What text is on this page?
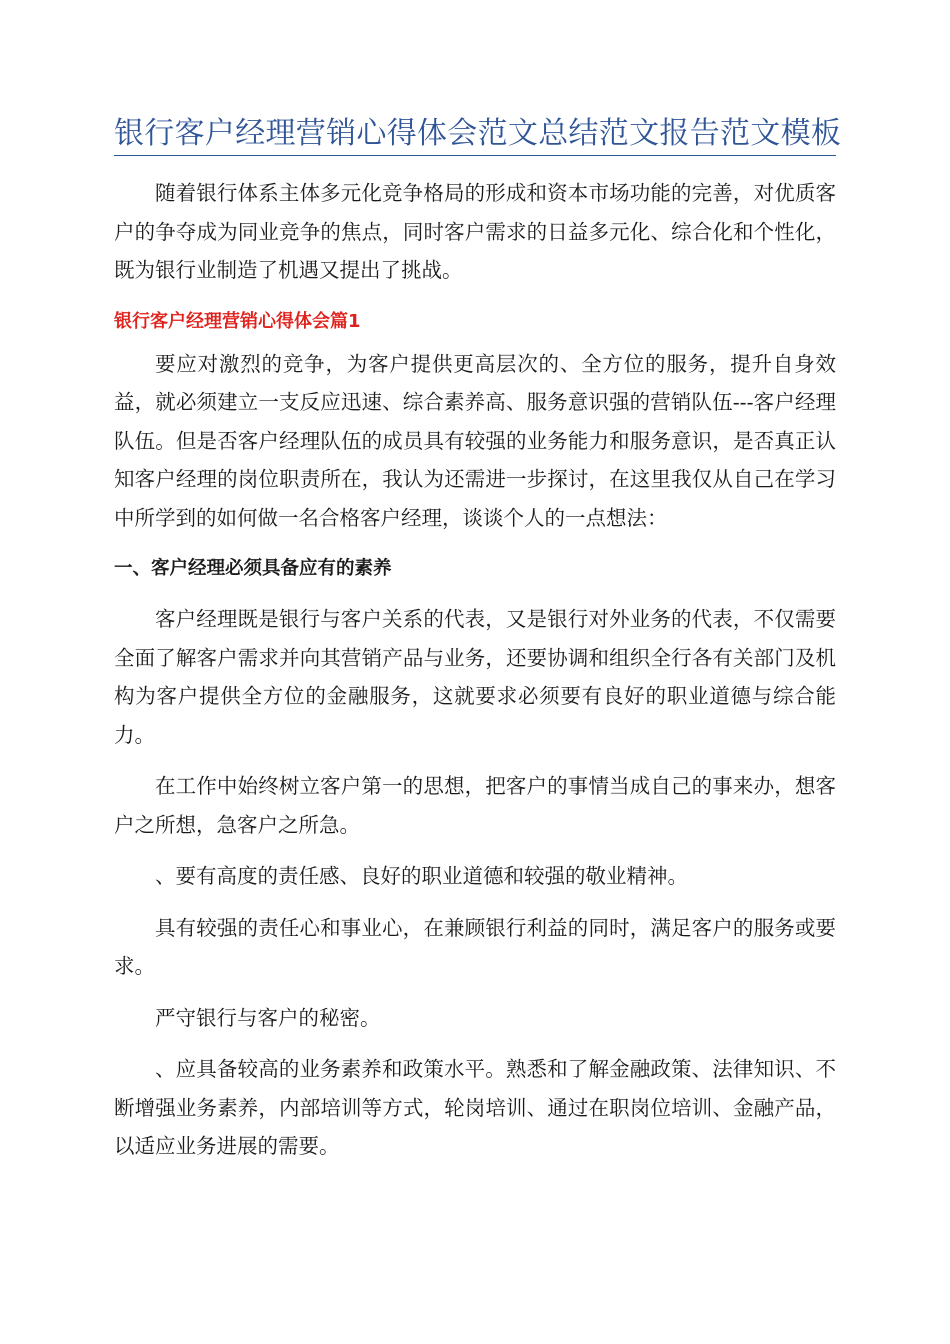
银行客户经理营销心得体会范文总结范文报告范文模板

随着银行体系主体多元化竞争格局的形成和资本市场功能的完善，对优质客户的争夺成为同业竞争的焦点，同时客户需求的日益多元化、综合化和个性化，既为银行业制造了机遇又提出了挑战。

银行客户经理营销心得体会篇1

要应对激烈的竞争，为客户提供更高层次的、全方位的服务，提升自身效益，就必须建立一支反应迅速、综合素养高、服务意识强的营销队伍---客户经理队伍。但是否客户经理队伍的成员具有较强的业务能力和服务意识，是否真正认知客户经理的岗位职责所在，我认为还需进一步探讨，在这里我仅从自己在学习中所学到的如何做一名合格客户经理，谈谈个人的一点想法：

一、客户经理必须具备应有的素养

客户经理既是银行与客户关系的代表，又是银行对外业务的代表，不仅需要全面了解客户需求并向其营销产品与业务，还要协调和组织全行各有关部门及机构为客户提供全方位的金融服务，这就要求必须要有良好的职业道德与综合能力。

在工作中始终树立客户第一的思想，把客户的事情当成自己的事来办，想客户之所想，急客户之所急。

、要有高度的责任感、良好的职业道德和较强的敬业精神。

具有较强的责任心和事业心，在兼顾银行利益的同时，满足客户的服务或要求。

严守银行与客户的秘密。

、应具备较高的业务素养和政策水平。熟悉和了解金融政策、法律知识、不断增强业务素养，内部培训等方式，轮岗培训、通过在职岗位培训、金融产品，以适应业务进展的需要。
